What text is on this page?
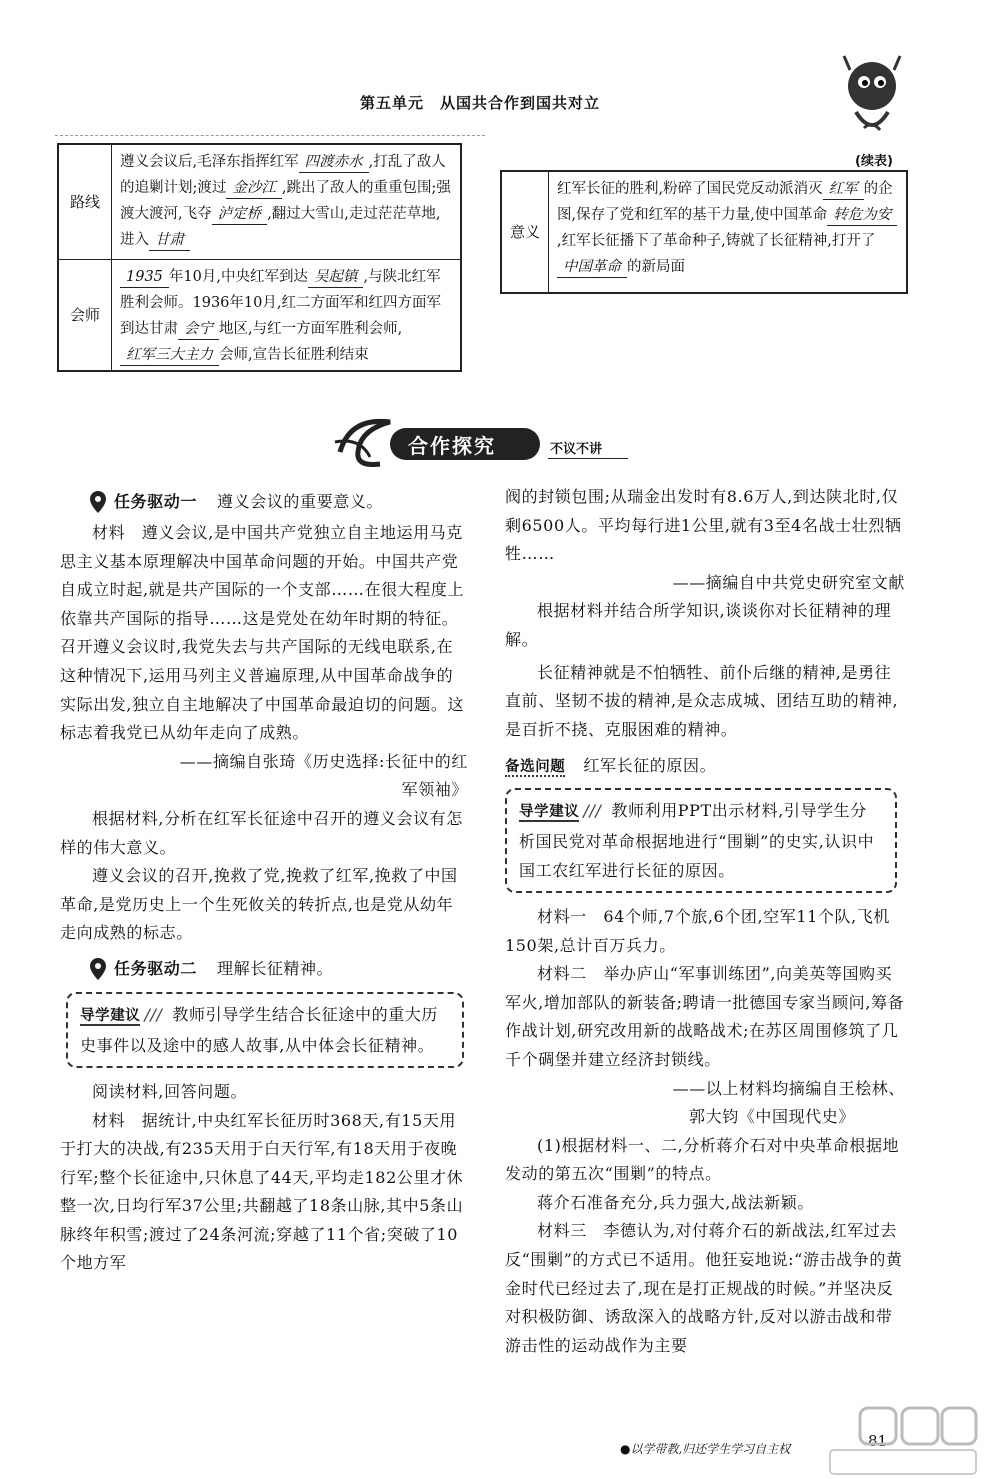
第五单元　从国共合作到国共对立
路线
遵义会议后,毛泽东指挥红军 四渡赤水 ,打乱了敌人的追剿计划;渡过 金沙江 ,跳出了敌人的重重包围;强渡大渡河,飞夺 泸定桥 ,翻过大雪山,走过茫茫草地,进入 甘肃
会师
1935 年10月,中央红军到达 吴起镇 ,与陕北红军胜利会师。1936年10月,红二方面军和红四方面军到达甘肃 会宁 地区,与红一方面军胜利会师,红军三大主力 会师,宣告长征胜利结束
(续表)
意义
红军长征的胜利,粉碎了国民党反动派消灭 红军 的企图,保存了党和红军的基干力量,使中国革命 转危为安,红军长征播下了革命种子,铸就了长征精神,打开了中国革命 的新局面
合作探究	不议不讲
任务驱动一 遵义会议的重要意义。

材料　遵义会议,是中国共产党独立自主地运用马克思主义基本原理解决中国革命问题的开始。中国共产党自成立时起,就是共产国际的一个支部……在很大程度上依靠共产国际的指导……这是党处在幼年时期的特征。召开遵义会议时,我党失去与共产国际的无线电联系,在这种情况下,运用马列主义普遍原理,从中国革命战争的实际出发,独立自主地解决了中国革命最迫切的问题。这标志着我党已从幼年走向了成熟。

——摘编自张琦《历史选择:长征中的红军领袖》

根据材料,分析在红军长征途中召开的遵义会议有怎样的伟大意义。

遵义会议的召开,挽救了党,挽救了红军,挽救了中国革命,是党历史上一个生死攸关的转折点,也是党从幼年走向成熟的标志。

任务驱动二 理解长征精神。
导学建议 /// 教师引导学生结合长征途中的重大历史事件以及途中的感人故事,从中体会长征精神。

阅读材料,回答问题。

材料　据统计,中央红军长征历时368天,有15天用于打大的决战,有235天用于白天行军,有18天用于夜晚行军;整个长征途中,只休息了44天,平均走182公里才休整一次,日均行军37公里;共翻越了18条山脉,其中5条山脉终年积雪;渡过了24条河流;穿越了11个省;突破了10个地方军

阀的封锁包围;从瑞金出发时有8.6万人,到达陕北时,仅剩6500人。平均每行进1公里,就有3至4名战士壮烈牺牲……

——摘编自中共党史研究室文献

根据材料并结合所学知识,谈谈你对长征精神的理解。

长征精神就是不怕牺牲、前仆后继的精神,是勇往直前、坚韧不拔的精神,是众志成城、团结互助的精神,是百折不挠、克服困难的精神。

备选问题 红军长征的原因。

导学建议 /// 教师利用PPT出示材料,引导学生分析国民党对革命根据地进行“围剿”的史实,认识中国工农红军进行长征的原因。

材料一　64个师,7个旅,6个团,空军11个队,飞机150架,总计百万兵力。

材料二　举办庐山“军事训练团”,向美英等国购买军火,增加部队的新装备;聘请一批德国专家当顾问,筹备作战计划,研究改用新的战略战术;在苏区周围修筑了几千个碉堡并建立经济封锁线。

——以上材料均摘编自王桧林、

郭大钧《中国现代史》

(1)根据材料一、二,分析蒋介石对中央革命根据地发动的第五次“围剿”的特点。

蒋介石准备充分,兵力强大,战法新颖。

材料三　李德认为,对付蒋介石的新战法,红军过去反“围剿”的方式已不适用。他狂妄地说:“游击战争的黄金时代已经过去了,现在是打正规战的时候。”并坚决反对积极防御、诱敌深入的战略方针,反对以游击战和带游击性的运动战作为主要

●以学带教,归还学生学习自主权	81
